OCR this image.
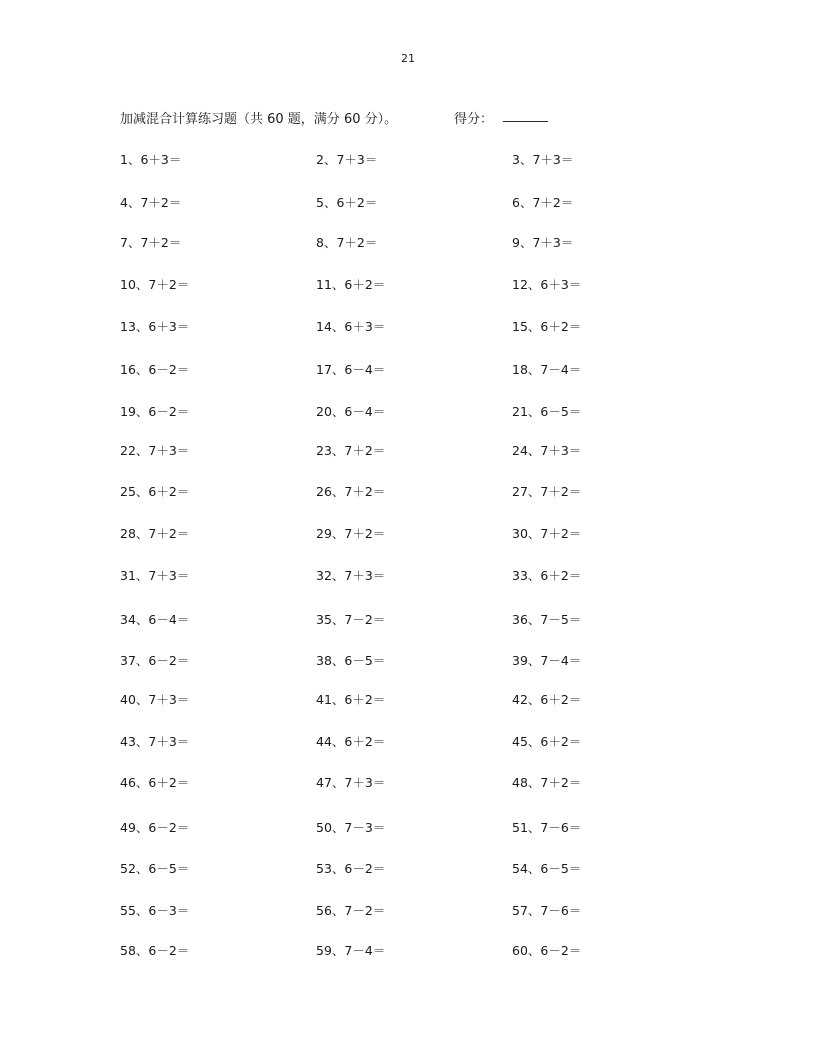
21
加减混合计算练习题（共 60 题，满分 60 分）。	得分： ________
1、6＋3＝	2、7＋3＝	3、7＋3＝
4、7＋2＝	5、6＋2＝	6、7＋2＝
7、7＋2＝	8、7＋2＝	9、7＋3＝
10、7＋2＝	11、6＋2＝	12、6＋3＝
13、6＋3＝	14、6＋3＝	15、6＋2＝
16、6－2＝	17、6－4＝	18、7－4＝
19、6－2＝	20、6－4＝	21、6－5＝
22、7＋3＝	23、7＋2＝	24、7＋3＝
25、6＋2＝	26、7＋2＝	27、7＋2＝
28、7＋2＝	29、7＋2＝	30、7＋2＝
31、7＋3＝	32、7＋3＝	33、6＋2＝
34、6－4＝	35、7－2＝	36、7－5＝
37、6－2＝	38、6－5＝	39、7－4＝
40、7＋3＝	41、6＋2＝	42、6＋2＝
43、7＋3＝	44、6＋2＝	45、6＋2＝
46、6＋2＝	47、7＋3＝	48、7＋2＝
49、6－2＝	50、7－3＝	51、7－6＝
52、6－5＝	53、6－2＝	54、6－5＝
55、6－3＝	56、7－2＝	57、7－6＝
58、6－2＝	59、7－4＝	60、6－2＝
